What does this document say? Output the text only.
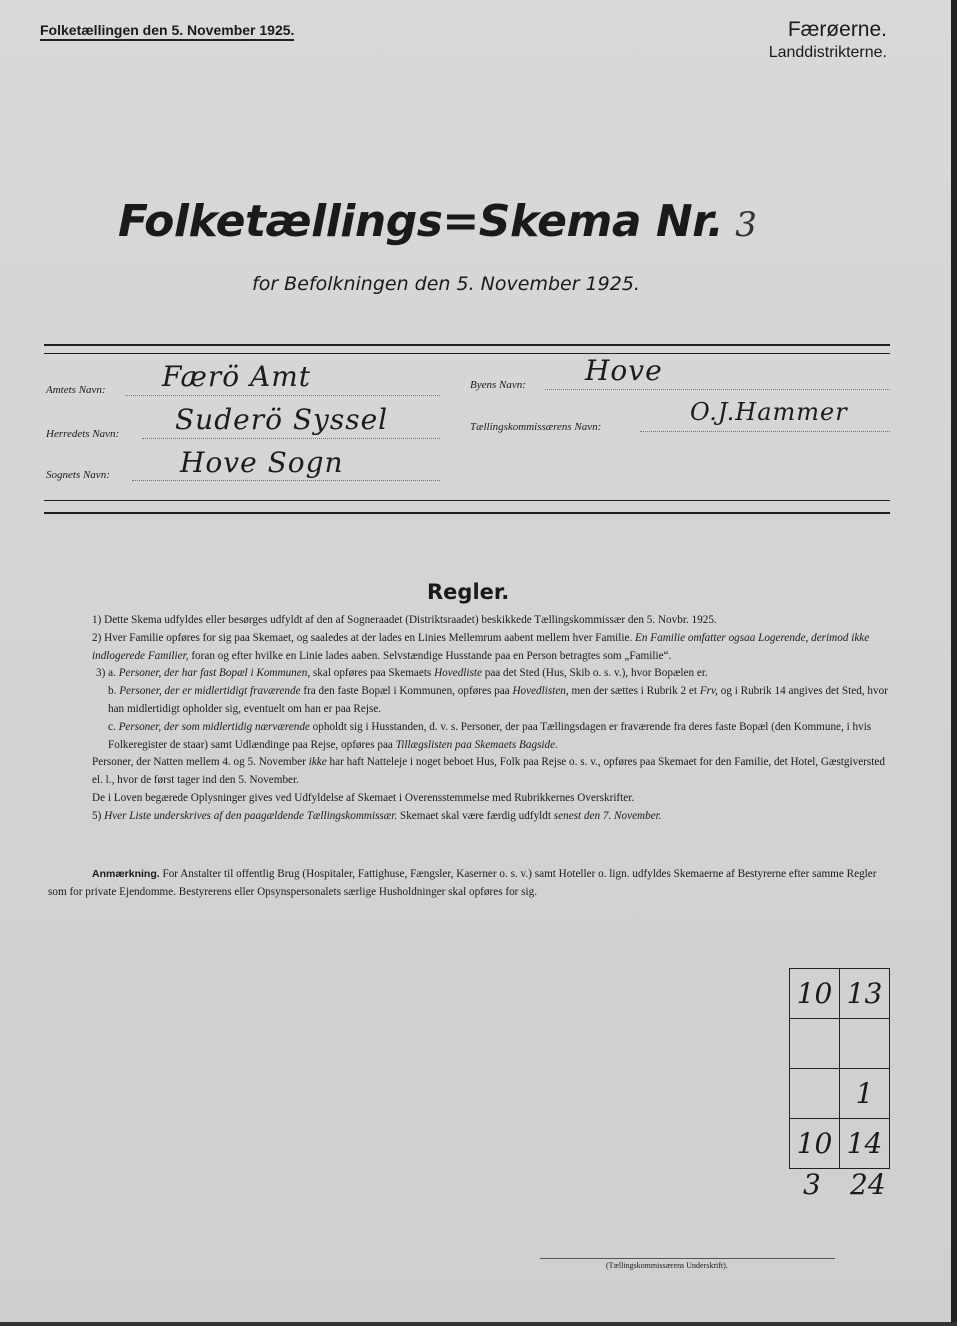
Folketællingen den 5. November 1925.	Færøerne.
Landdistrikterne.
Folketællings=Skema Nr. 3
for Befolkningen den 5. November 1925.
Amtets Navn: Færö Amt
Herredets Navn: Suderö Syssel
Sognets Navn:	Hove Sogn
Byens Navn: Hove
Tællingskommissærens Navn:
O.J.Hammer
Regler.

1) Dette Skema udfyldes eller besørges udfyldt af den af Sogneraadet (Distriktsraadet) beskikkede Tællingskommissær den 5. Novbr. 1925.

2) Hver Familie opføres for sig paa Skemaet, og saaledes at der lades en Linies Mellemrum aabent mellem hver Familie. En Familie omfatter ogsaa Logerende, derimod ikke indlogerede Familier, foran og efter hvilke en Linie lades aaben. Selvstændige Husstande paa en Person betragtes som „Familie“.

3) a. Personer, der har fast Bopæl i Kommunen, skal opføres paa Skemaets Hovedliste paa det Sted (Hus, Skib o. s. v.), hvor Bopælen er.

b. Personer, der er midlertidigt fraværende fra den faste Bopæl i Kommunen, opføres paa Hovedlisten, men der sættes i Rubrik 2 et Frv, og i Rubrik 14 angives det Sted, hvor han midlertidigt opholder sig, eventuelt om han er paa Rejse.

c. Personer, der som midlertidig nærværende opholdt sig i Husstanden, d. v. s. Personer, der paa Tællingsdagen er fraværende fra deres faste Bopæl (den Kommune, i hvis Folkeregister de staar) samt Udlændinge paa Rejse, opføres paa Tillægslisten paa Skemaets Bagside.

Personer, der Natten mellem 4. og 5. November ikke har haft Natteleje i noget beboet Hus, Folk paa Rejse o. s. v., opføres paa Skemaet for den Familie, det Hotel, Gæstgiversted el. l., hvor de først tager ind den 5. November.

De i Loven begærede Oplysninger gives ved Udfyldelse af Skemaet i Overensstemmelse med Rubrikkernes Overskrifter.

5) Hver Liste underskrives af den paagældende Tællingskommissær. Skemaet skal være færdig udfyldt senest den 7. November.

Anmærkning. For Anstalter til offentlig Brug (Hospitaler, Fattighuse, Fængsler, Kaserner o. s. v.) samt Hoteller o. lign. udfyldes Skemaerne af Bestyrerne efter samme Regler som for private Ejendomme. Bestyrerens eller Opsynspersonalets særlige Husholdninger skal opføres for sig.
10	13

	1
10	14
3 24
(Tællingskommissærens Underskrift).
